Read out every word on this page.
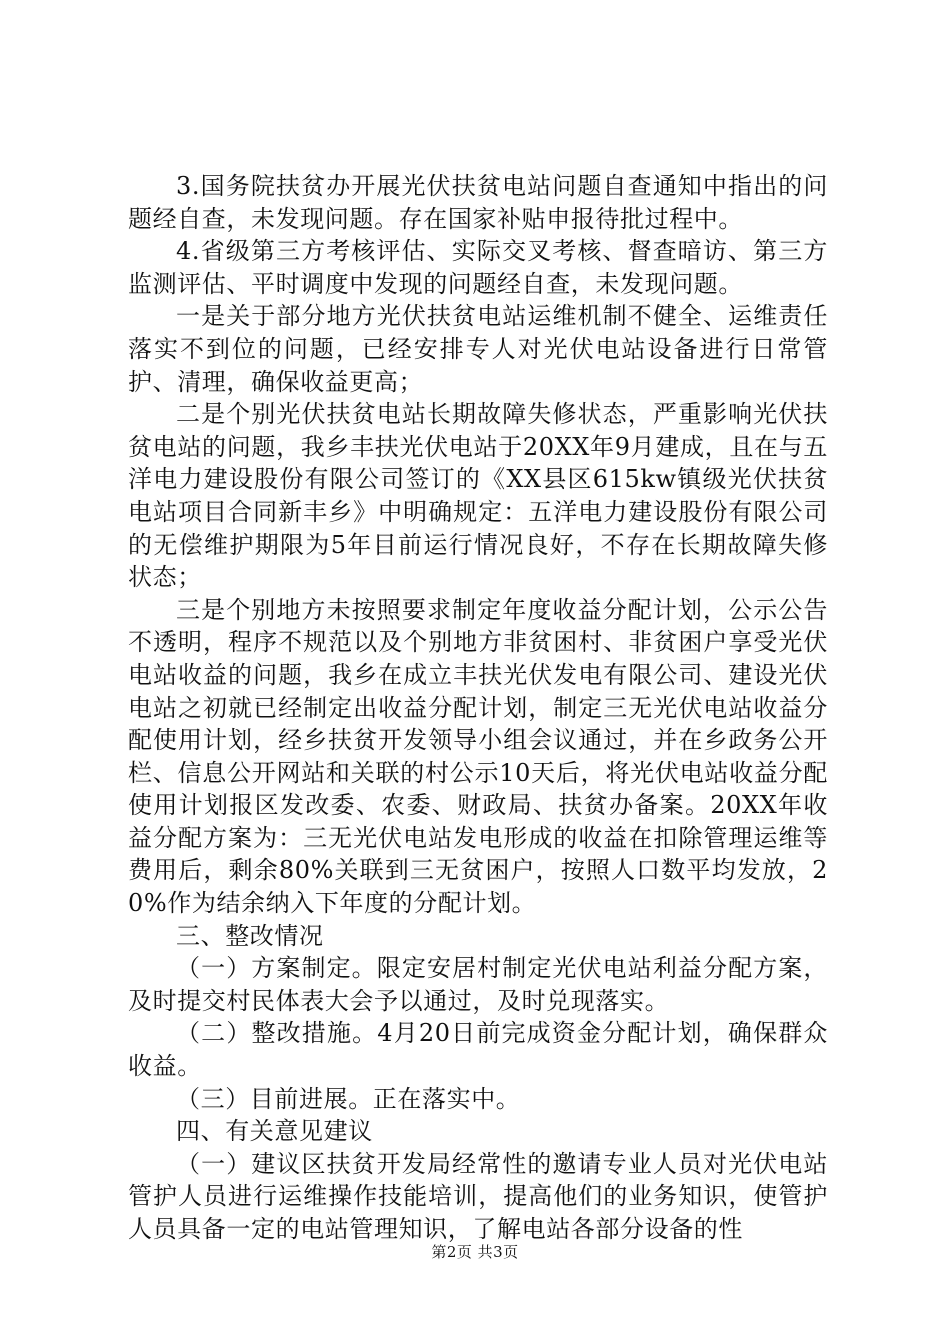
3.国务院扶贫办开展光伏扶贫电站问题自查通知中指出的问题经自查，未发现问题。存在国家补贴申报待批过程中。

4.省级第三方考核评估、实际交叉考核、督查暗访、第三方监测评估、平时调度中发现的问题经自查，未发现问题。

一是关于部分地方光伏扶贫电站运维机制不健全、运维责任落实不到位的问题，已经安排专人对光伏电站设备进行日常管护、清理，确保收益更高；

二是个别光伏扶贫电站长期故障失修状态，严重影响光伏扶贫电站的问题，我乡丰扶光伏电站于20XX年9月建成，且在与五洋电力建设股份有限公司签订的《XX县区615kw镇级光伏扶贫电站项目合同新丰乡》中明确规定：五洋电力建设股份有限公司的无偿维护期限为5年目前运行情况良好，不存在长期故障失修状态；

三是个别地方未按照要求制定年度收益分配计划，公示公告不透明，程序不规范以及个别地方非贫困村、非贫困户享受光伏电站收益的问题，我乡在成立丰扶光伏发电有限公司、建设光伏电站之初就已经制定出收益分配计划，制定三无光伏电站收益分配使用计划，经乡扶贫开发领导小组会议通过，并在乡政务公开栏、信息公开网站和关联的村公示10天后，将光伏电站收益分配使用计划报区发改委、农委、财政局、扶贫办备案。20XX年收益分配方案为：三无光伏电站发电形成的收益在扣除管理运维等费用后，剩余80%关联到三无贫困户，按照人口数平均发放，20%作为结余纳入下年度的分配计划。

三、整改情况

（一）方案制定。限定安居村制定光伏电站利益分配方案，及时提交村民体表大会予以通过，及时兑现落实。

（二）整改措施。4月20日前完成资金分配计划，确保群众收益。

（三）目前进展。正在落实中。

四、有关意见建议

（一）建议区扶贫开发局经常性的邀请专业人员对光伏电站管护人员进行运维操作技能培训，提高他们的业务知识，使管护人员具备一定的电站管理知识，了解电站各部分设备的性

第2页 共3页
